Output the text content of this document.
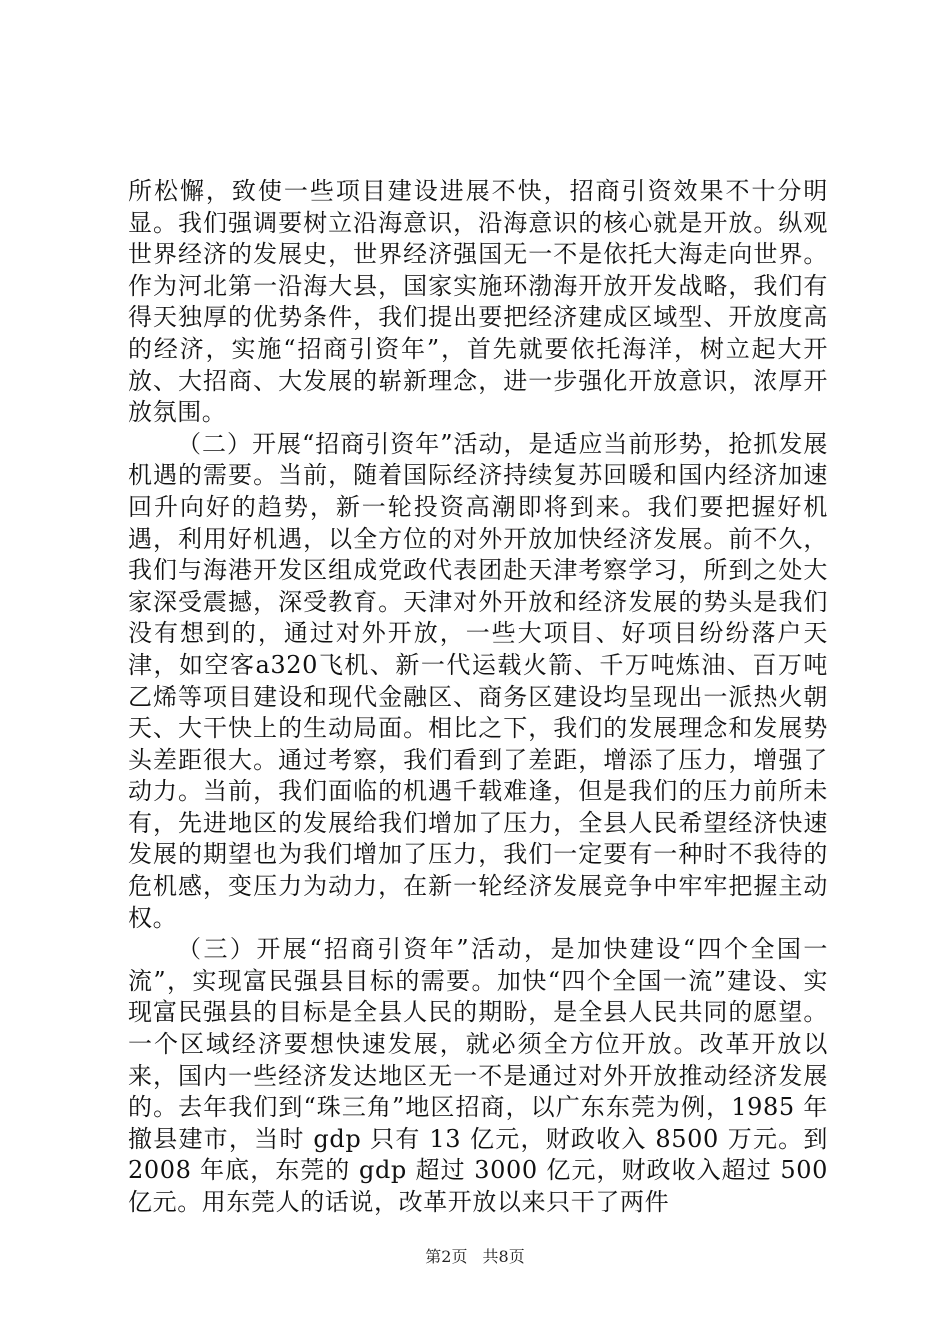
所松懈，致使一些项目建设进展不快，招商引资效果不十分明显。我们强调要树立沿海意识，沿海意识的核心就是开放。纵观世界经济的发展史，世界经济强国无一不是依托大海走向世界。作为河北第一沿海大县，国家实施环渤海开放开发战略，我们有得天独厚的优势条件，我们提出要把经济建成区域型、开放度高的经济，实施“招商引资年”，首先就要依托海洋，树立起大开放、大招商、大发展的崭新理念，进一步强化开放意识，浓厚开放氛围。

（二）开展“招商引资年”活动，是适应当前形势，抢抓发展机遇的需要。当前，随着国际经济持续复苏回暖和国内经济加速回升向好的趋势，新一轮投资高潮即将到来。我们要把握好机遇，利用好机遇，以全方位的对外开放加快经济发展。前不久，我们与海港开发区组成党政代表团赴天津考察学习，所到之处大家深受震撼，深受教育。天津对外开放和经济发展的势头是我们没有想到的，通过对外开放，一些大项目、好项目纷纷落户天津，如空客a320飞机、新一代运载火箭、千万吨炼油、百万吨乙烯等项目建设和现代金融区、商务区建设均呈现出一派热火朝天、大干快上的生动局面。相比之下，我们的发展理念和发展势头差距很大。通过考察，我们看到了差距，增添了压力，增强了动力。当前，我们面临的机遇千载难逢，但是我们的压力前所未有，先进地区的发展给我们增加了压力，全县人民希望经济快速发展的期望也为我们增加了压力，我们一定要有一种时不我待的危机感，变压力为动力，在新一轮经济发展竞争中牢牢把握主动权。

（三）开展“招商引资年”活动，是加快建设“四个全国一流”，实现富民强县目标的需要。加快“四个全国一流”建设、实现富民强县的目标是全县人民的期盼，是全县人民共同的愿望。一个区域经济要想快速发展，就必须全方位开放。改革开放以来，国内一些经济发达地区无一不是通过对外开放推动经济发展的。去年我们到“珠三角”地区招商，以广东东莞为例，1985 年撤县建市，当时 gdp 只有 13 亿元，财政收入 8500 万元。到 2008 年底，东莞的 gdp 超过 3000 亿元，财政收入超过 500 亿元。用东莞人的话说，改革开放以来只干了两件

第2页 共8页
